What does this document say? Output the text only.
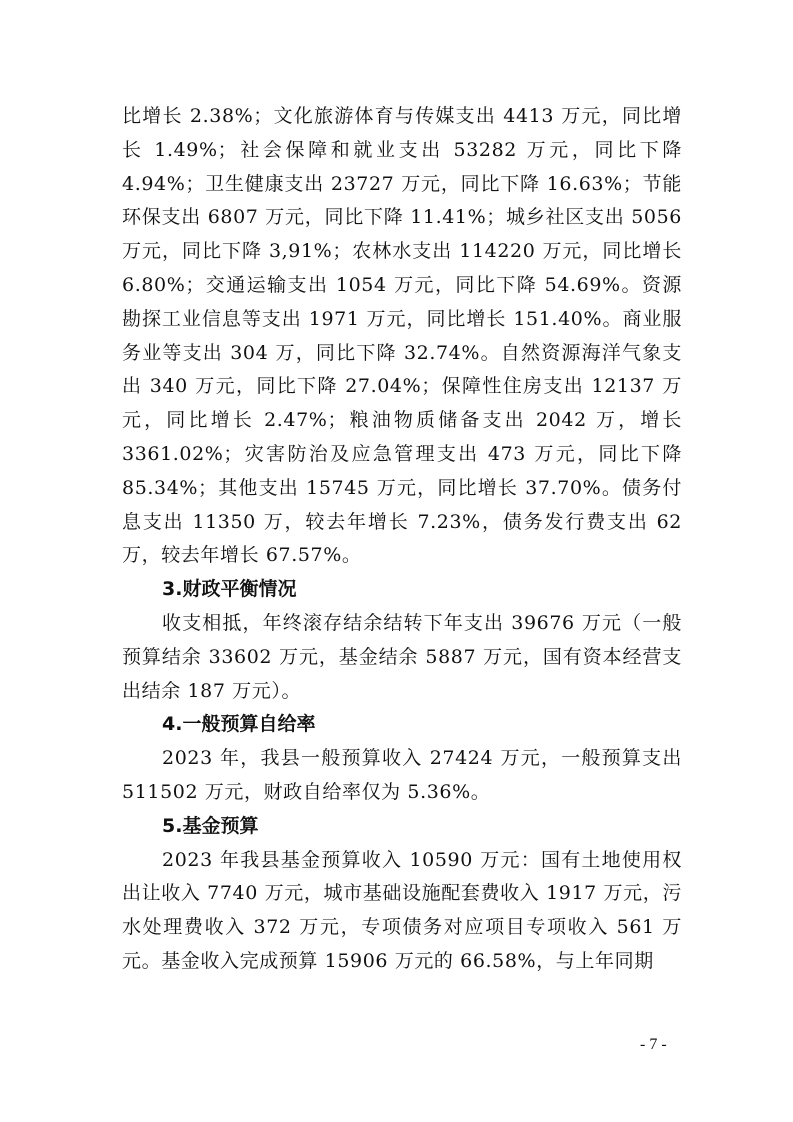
比增长 2.38%；文化旅游体育与传媒支出 4413 万元，同比增长 1.49%；社会保障和就业支出 53282 万元，同比下降 4.94%；卫生健康支出 23727 万元，同比下降 16.63%；节能环保支出 6807 万元，同比下降 11.41%；城乡社区支出 5056 万元，同比下降 3,91%；农林水支出 114220 万元，同比增长 6.80%；交通运输支出 1054 万元，同比下降 54.69%。资源勘探工业信息等支出 1971 万元，同比增长 151.40%。商业服务业等支出 304 万，同比下降 32.74%。自然资源海洋气象支出 340 万元，同比下降 27.04%；保障性住房支出 12137 万元，同比增长 2.47%；粮油物质储备支出 2042 万，增长 3361.02%；灾害防治及应急管理支出 473 万元，同比下降 85.34%；其他支出 15745 万元，同比增长 37.70%。债务付息支出 11350 万，较去年增长 7.23%，债务发行费支出 62 万，较去年增长 67.57%。

3.财政平衡情况

收支相抵，年终滚存结余结转下年支出 39676 万元（一般预算结余 33602 万元，基金结余 5887 万元，国有资本经营支出结余 187 万元）。

4.一般预算自给率

2023 年，我县一般预算收入 27424 万元，一般预算支出 511502 万元，财政自给率仅为 5.36%。

5.基金预算

2023 年我县基金预算收入 10590 万元：国有土地使用权出让收入 7740 万元，城市基础设施配套费收入 1917 万元，污水处理费收入 372 万元，专项债务对应项目专项收入 561 万元。基金收入完成预算 15906 万元的 66.58%，与上年同期

- 7 -
